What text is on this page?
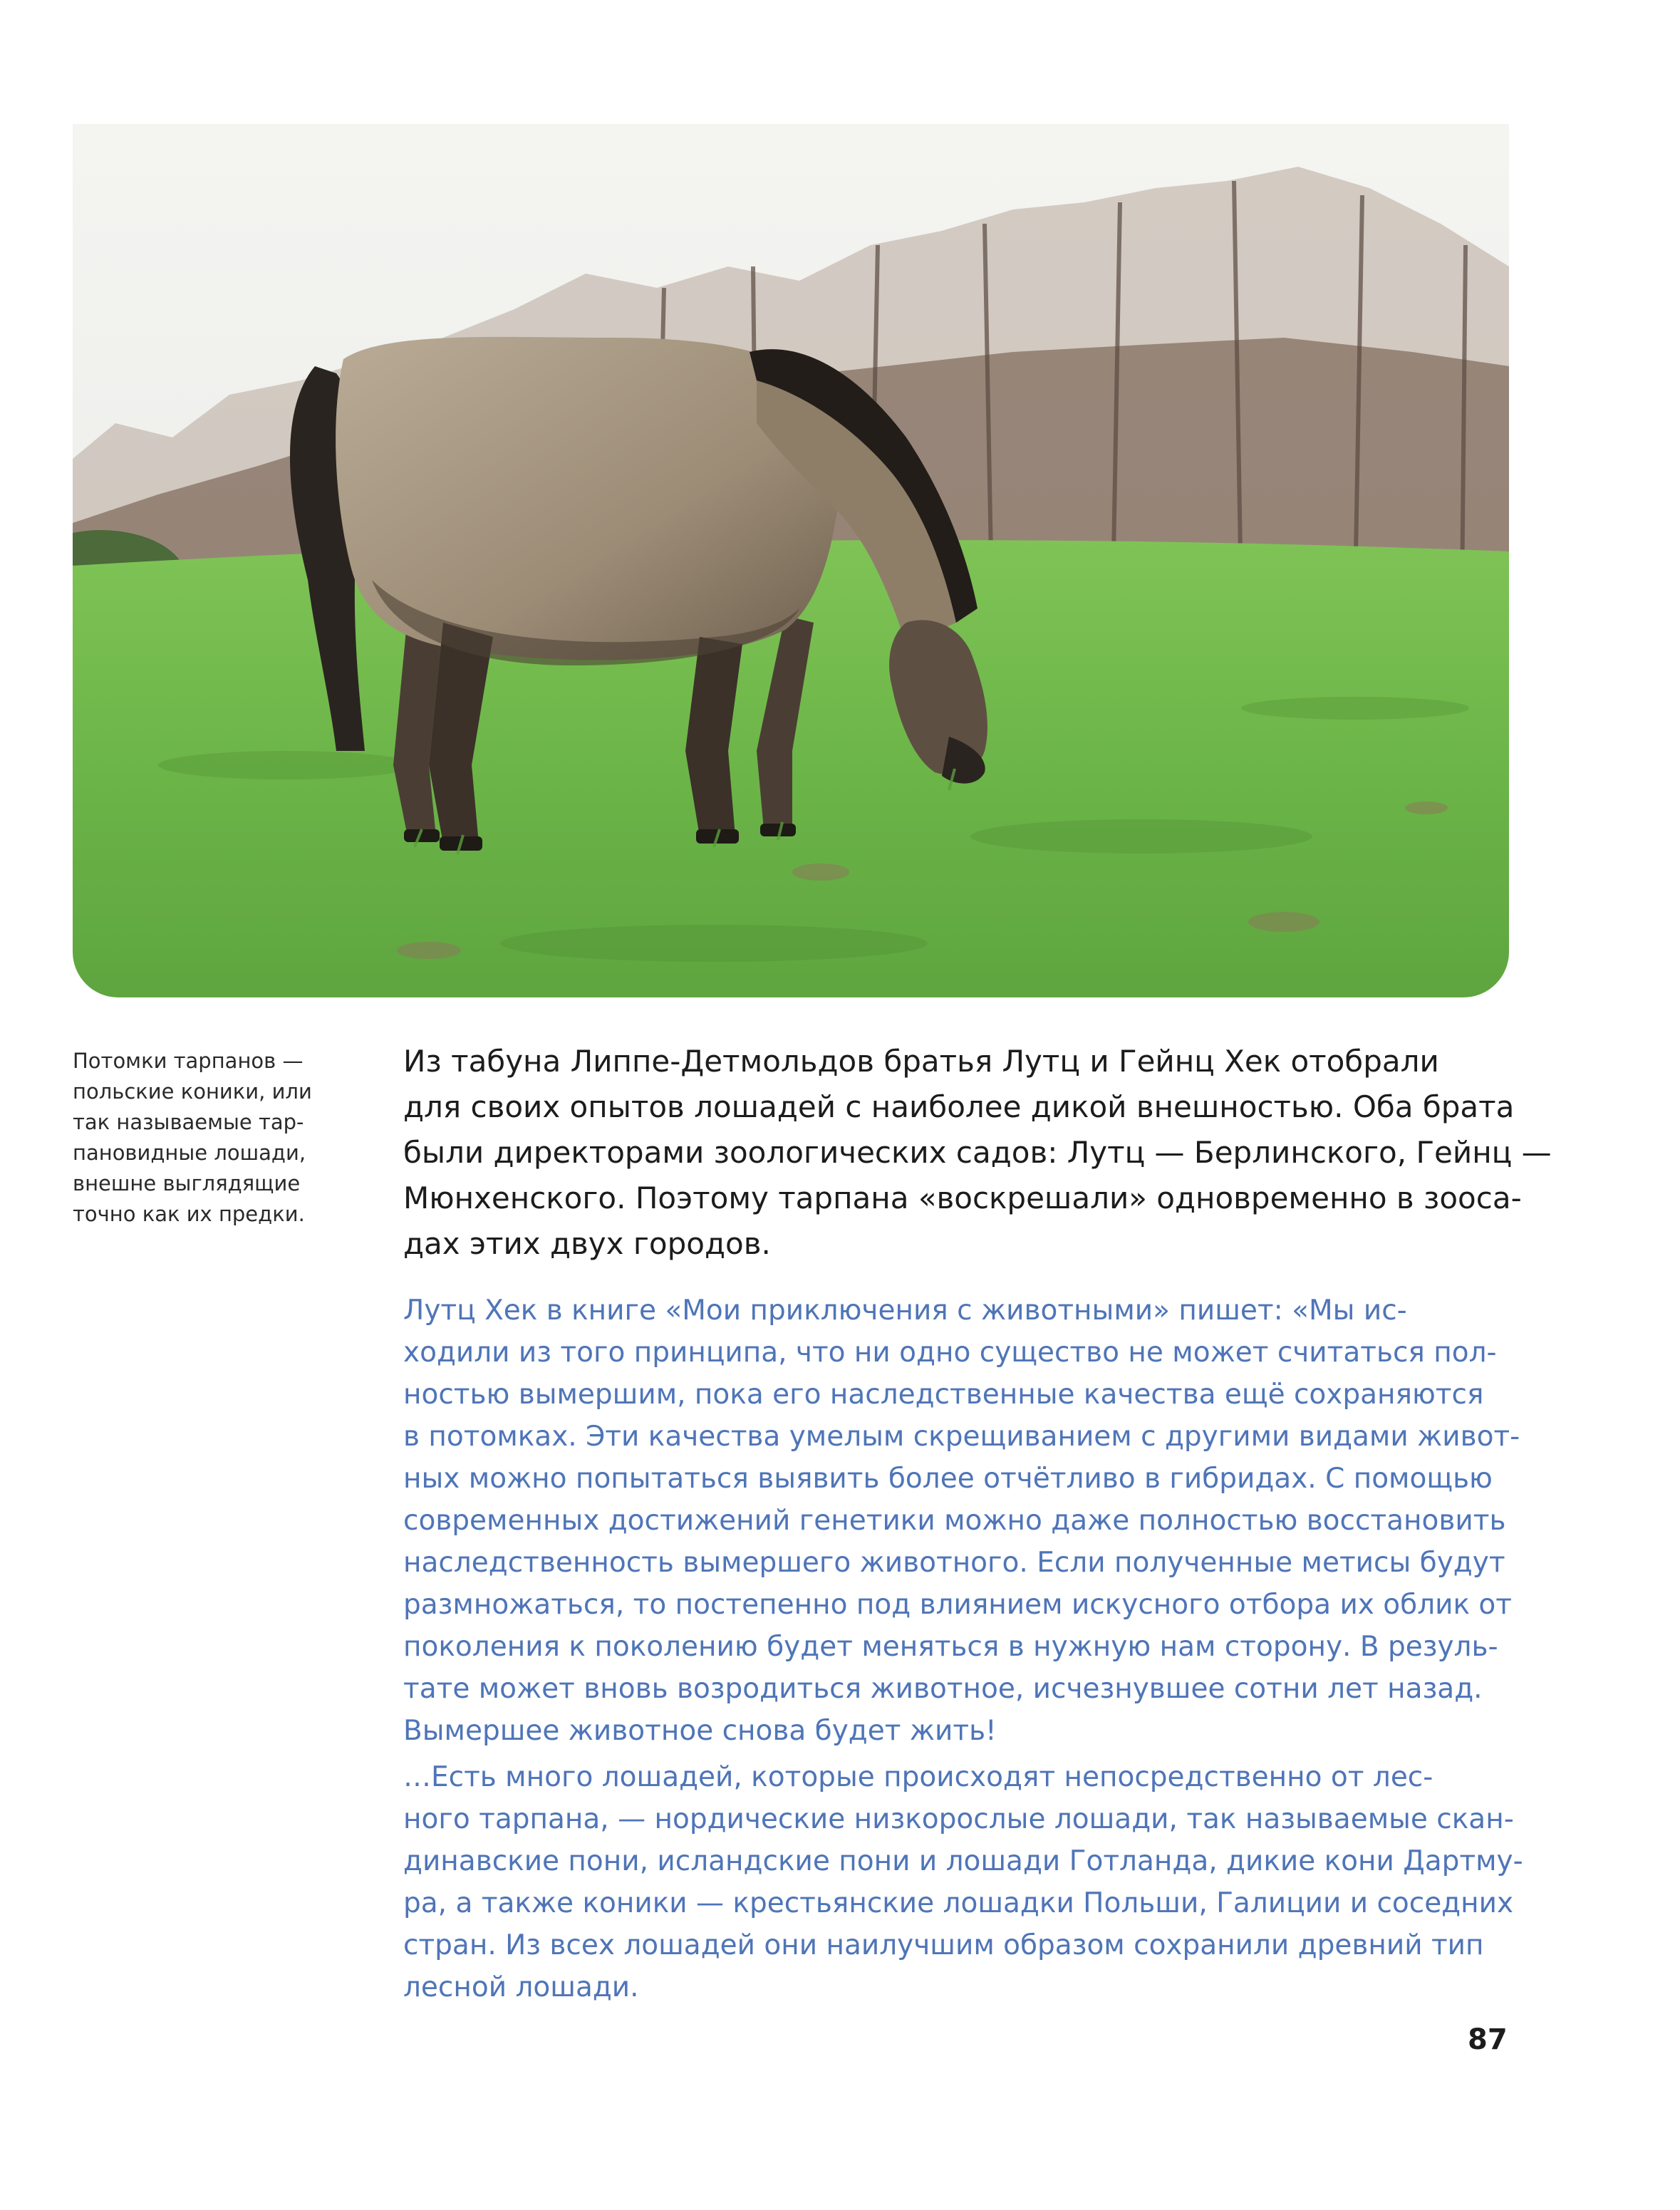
Потомки тарпанов —
польские коники, или
так называемые тар-
пановидные лошади,
внешне выглядящие
точно как их предки.
Из табуна Липпе-Детмольдов братья Лутц и Гейнц Хек отобрали
для своих опытов лошадей с наиболее дикой внешностью. Оба брата
были директорами зоологических садов: Лутц — Берлинского, Гейнц —
Мюнхенского. Поэтому тарпана «воскрешали» одновременно в зооса-
дах этих двух городов.
Лутц Хек в книге «Мои приключения с животными» пишет: «Мы ис-
ходили из того принципа, что ни одно существо не может считаться пол-
ностью вымершим, пока его наследственные качества ещё сохраняются
в потомках. Эти качества умелым скрещиванием с другими видами живот-
ных можно попытаться выявить более отчётливо в гибридах. С помощью
современных достижений генетики можно даже полностью восстановить
наследственность вымершего животного. Если полученные метисы будут
размножаться, то постепенно под влиянием искусного отбора их облик от
поколения к поколению будет меняться в нужную нам сторону. В резуль-
тате может вновь возродиться животное, исчезнувшее сотни лет назад.
Вымершее животное снова будет жить!
…Есть много лошадей, которые происходят непосредственно от лес-
ного тарпана, — нордические низкорослые лошади, так называемые скан-
динавские пони, исландские пони и лошади Готланда, дикие кони Дартму-
ра, а также коники — крестьянские лошадки Польши, Галиции и соседних
стран. Из всех лошадей они наилучшим образом сохранили древний тип
лесной лошади.
87
